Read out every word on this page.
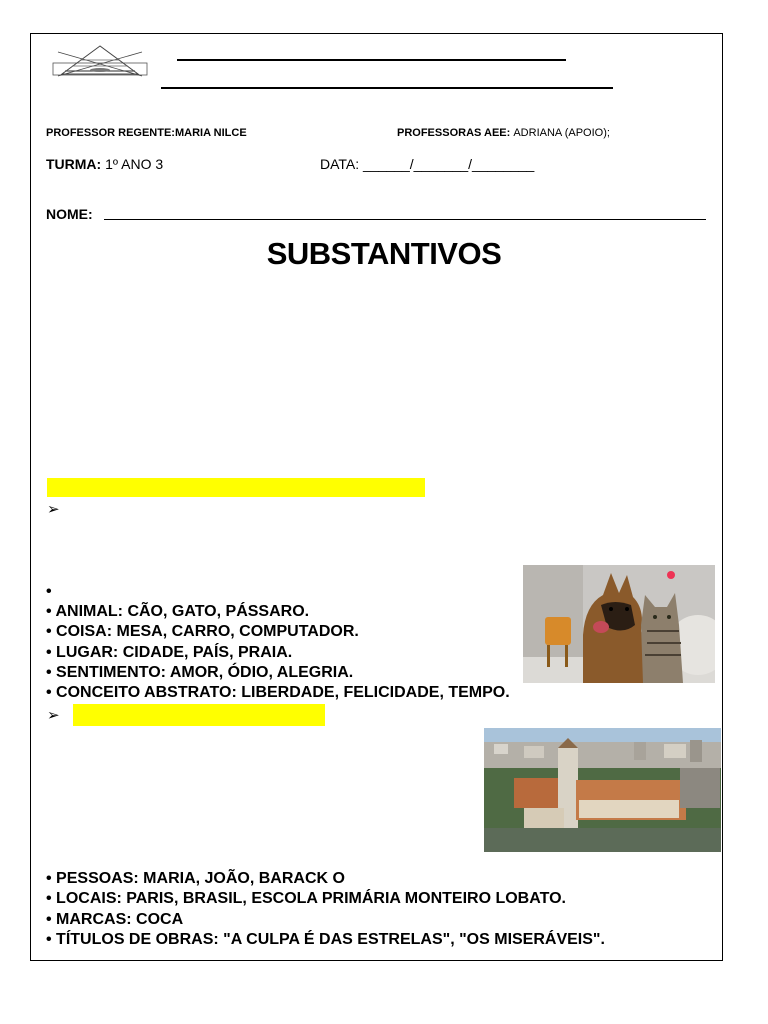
PROFESSOR REGENTE:MARIA NILCE	PROFESSORAS AEE: ADRIANA (APOIO);
TURMA: 1º ANO 3	DATA: ______/_______/________
NOME:
SUBSTANTIVOS
➢
•
• ANIMAL: CÃO, GATO, PÁSSARO.
• COISA: MESA, CARRO, COMPUTADOR.
• LUGAR: CIDADE, PAÍS, PRAIA.
• SENTIMENTO: AMOR, ÓDIO, ALEGRIA.
• CONCEITO ABSTRATO: LIBERDADE, FELICIDADE, TEMPO.
➢
• PESSOAS: MARIA, JOÃO, BARACK O
• LOCAIS: PARIS, BRASIL, ESCOLA PRIMÁRIA MONTEIRO LOBATO.
• MARCAS: COCA
• TÍTULOS DE OBRAS: "A CULPA É DAS ESTRELAS", "OS MISERÁVEIS".
